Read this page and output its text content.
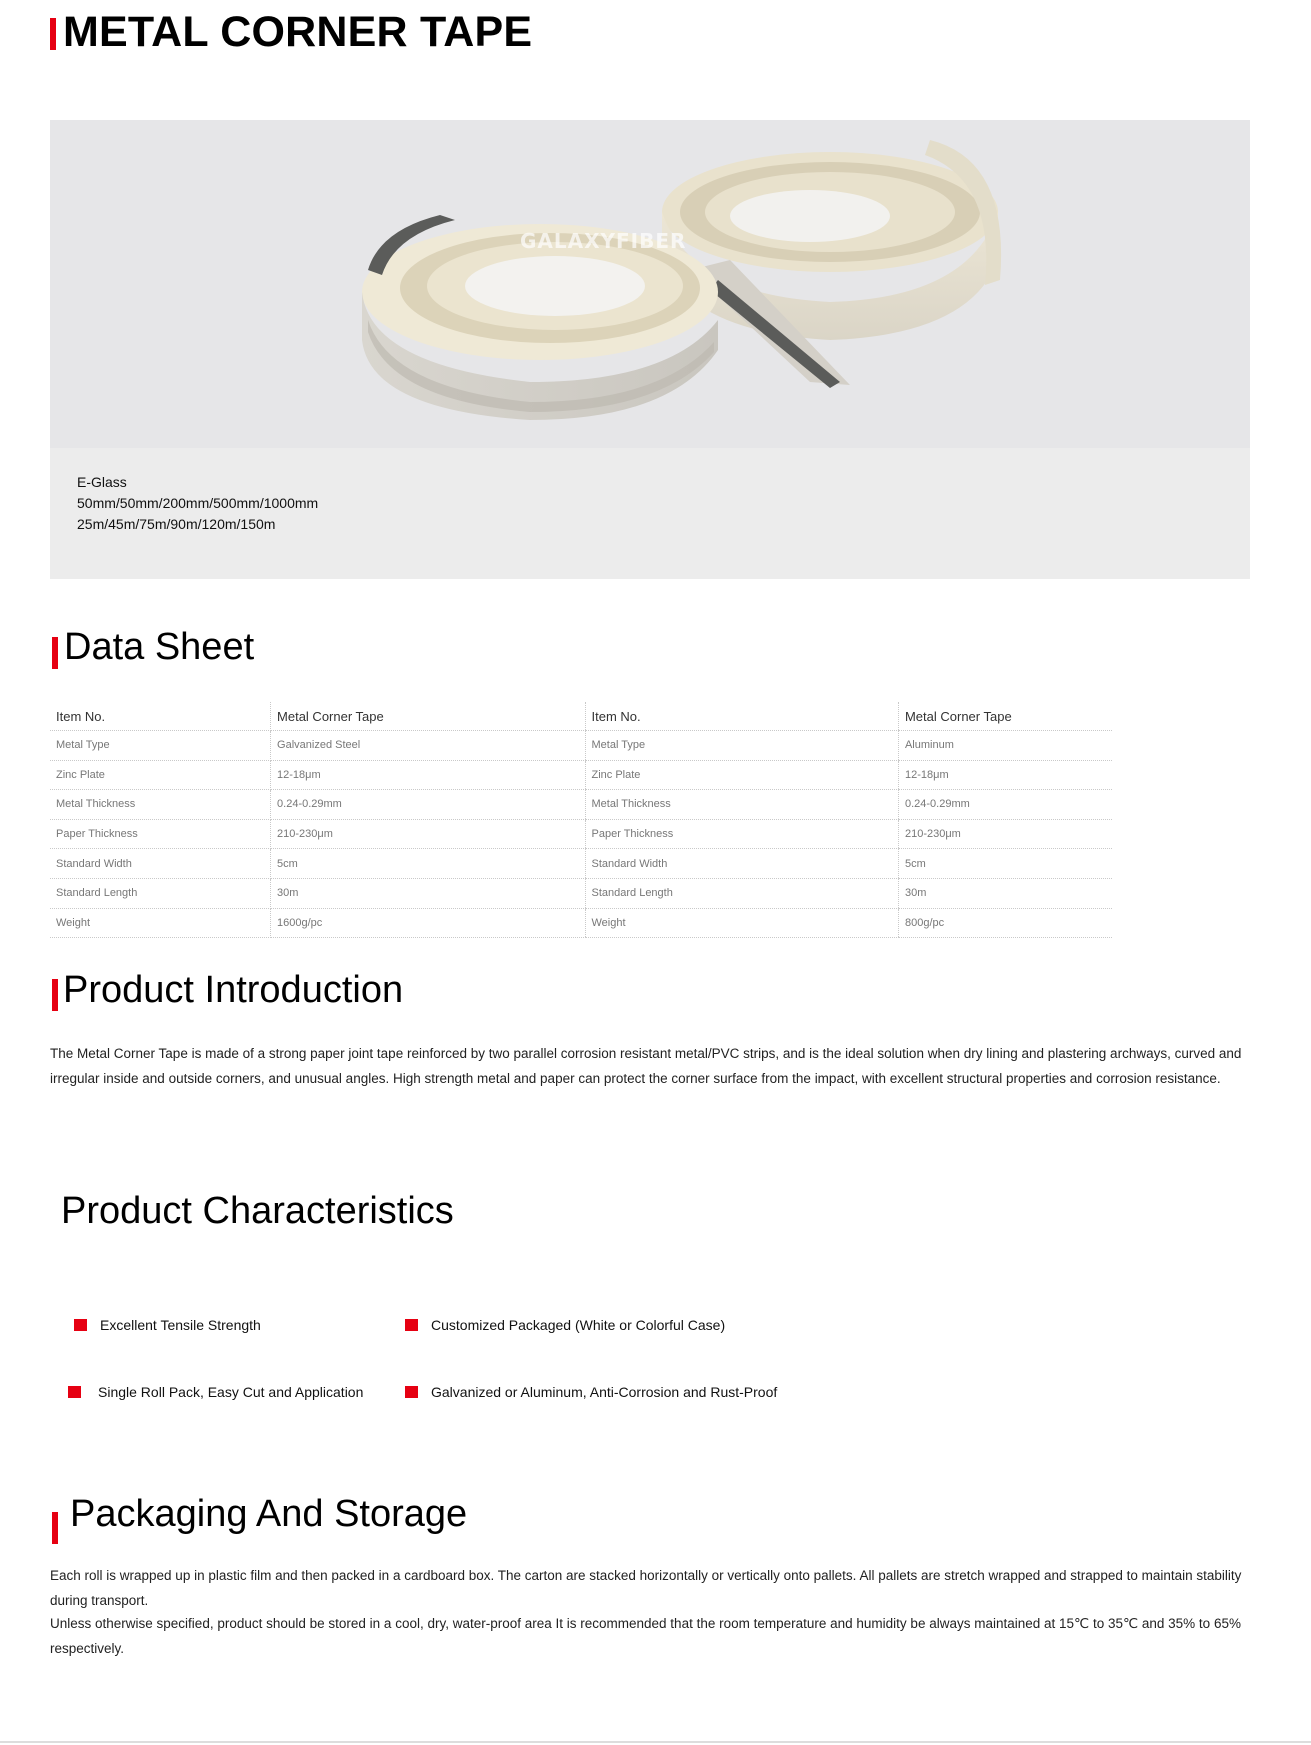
METAL CORNER TAPE
GALAXYFIBER
E-Glass
50mm/50mm/200mm/500mm/1000mm
25m/45m/75m/90m/120m/150m
Data Sheet
Item No.	Metal Corner Tape	Item No.	Metal Corner Tape
Metal Type	Galvanized Steel	Metal Type	Aluminum
Zinc Plate	12-18μm	Zinc Plate	12-18μm
Metal Thickness	0.24-0.29mm	Metal Thickness	0.24-0.29mm
Paper Thickness	210-230μm	Paper Thickness	210-230μm
Standard Width	5cm	Standard Width	5cm
Standard Length	30m	Standard Length	30m
Weight	1600g/pc	Weight	800g/pc
Product Introduction

The Metal Corner Tape is made of a strong paper joint tape reinforced by two parallel corrosion resistant metal/PVC strips, and is the ideal solution when dry lining and plastering archways, curved and irregular inside and outside corners, and unusual angles. High strength metal and paper can protect the corner surface from the impact, with excellent structural properties and corrosion resistance.

Product Characteristics
Excellent Tensile Strength	Customized Packaged (White or Colorful Case)
Single Roll Pack, Easy Cut and Application	Galvanized or Aluminum, Anti-Corrosion and Rust-Proof
Packaging And Storage

Each roll is wrapped up in plastic film and then packed in a cardboard box. The carton are stacked horizontally or vertically onto pallets. All pallets are stretch wrapped and strapped to maintain stability during transport.

Unless otherwise specified, product should be stored in a cool, dry, water-proof area It is recommended that the room temperature and humidity be always maintained at 15℃ to 35℃ and 35% to 65% respectively.
